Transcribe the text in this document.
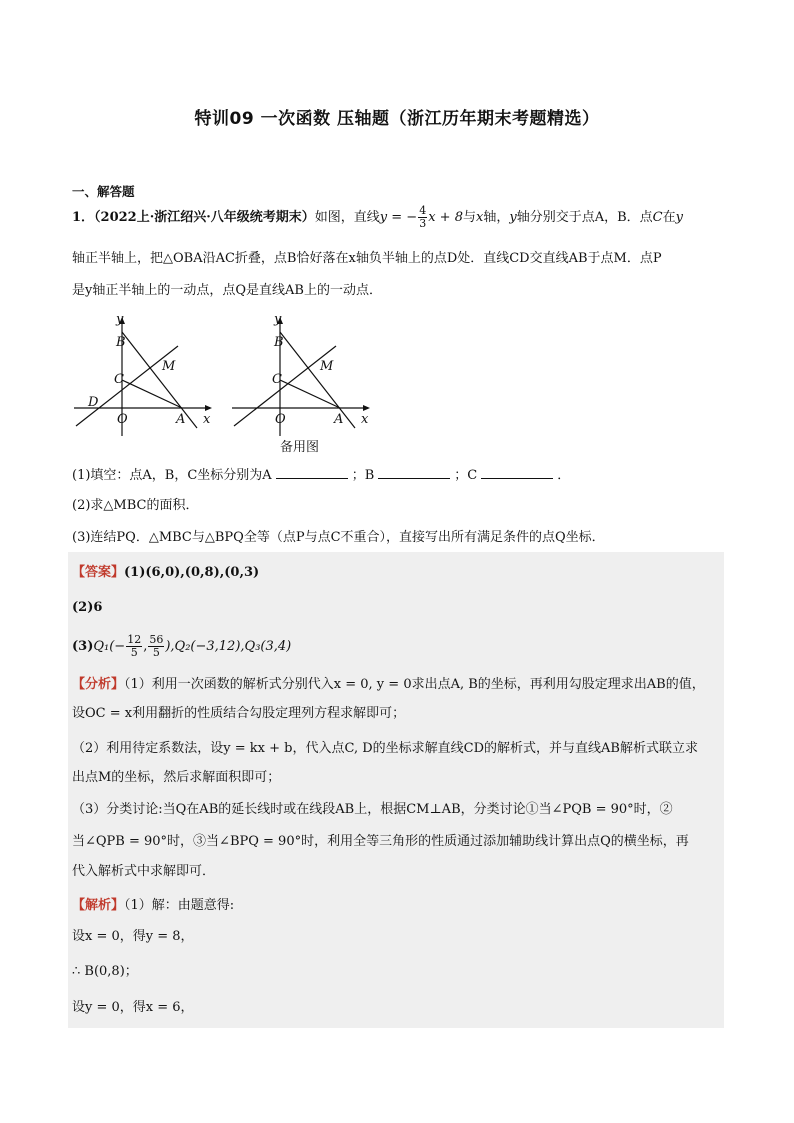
特训09 一次函数 压轴题（浙江历年期末考题精选）
一、解答题
1．（2022上·浙江绍兴·八年级统考期末）如图，直线y = − $\frac{4}{3}$ x + 8与x轴，y轴分别交于点A，B．点C在y
轴正半轴上，把△OBA沿AC折叠，点B恰好落在x轴负半轴上的点D处．直线CD交直线AB于点M．点P
是y轴正半轴上的一动点，点Q是直线AB上的一动点．
y
B
M
C
D
O	A x
y
B
M
C
O	A x
备用图
(1)填空：点A，B，C坐标分别为A	；B	；C	．
(2)求△MBC的面积．
(3)连结PQ．△MBC与△BPQ全等（点P与点C不重合），直接写出所有满足条件的点Q坐标．
【答案】(1)(6,0),(0,8),(0,3)
(2)6
$(3)Q_1(- \frac{12}{5}$ , $\frac{56}{5} ),Q_2(-3,12),Q_3(3,4)$
【分析】（1）利用一次函数的解析式分别代入x = 0, y = 0求出点A, B的坐标，再利用勾股定理求出AB的值，
设OC = x利用翻折的性质结合勾股定理列方程求解即可；
（2）利用待定系数法，设y = kx + b，代入点C, D的坐标求解直线CD的解析式，并与直线AB解析式联立求
出点M的坐标，然后求解面积即可；
（3）分类讨论:当Q在AB的延长线时或在线段AB上，根据CM⊥AB，分类讨论①当∠PQB = 90°时，②
当∠QPB = 90°时，③当∠BPQ = 90°时，利用全等三角形的性质通过添加辅助线计算出点Q的横坐标，再
代入解析式中求解即可．
【解析】（1）解：由题意得:
设x = 0，得y = 8，
∴ B(0,8)；
设y = 0，得x = 6，
